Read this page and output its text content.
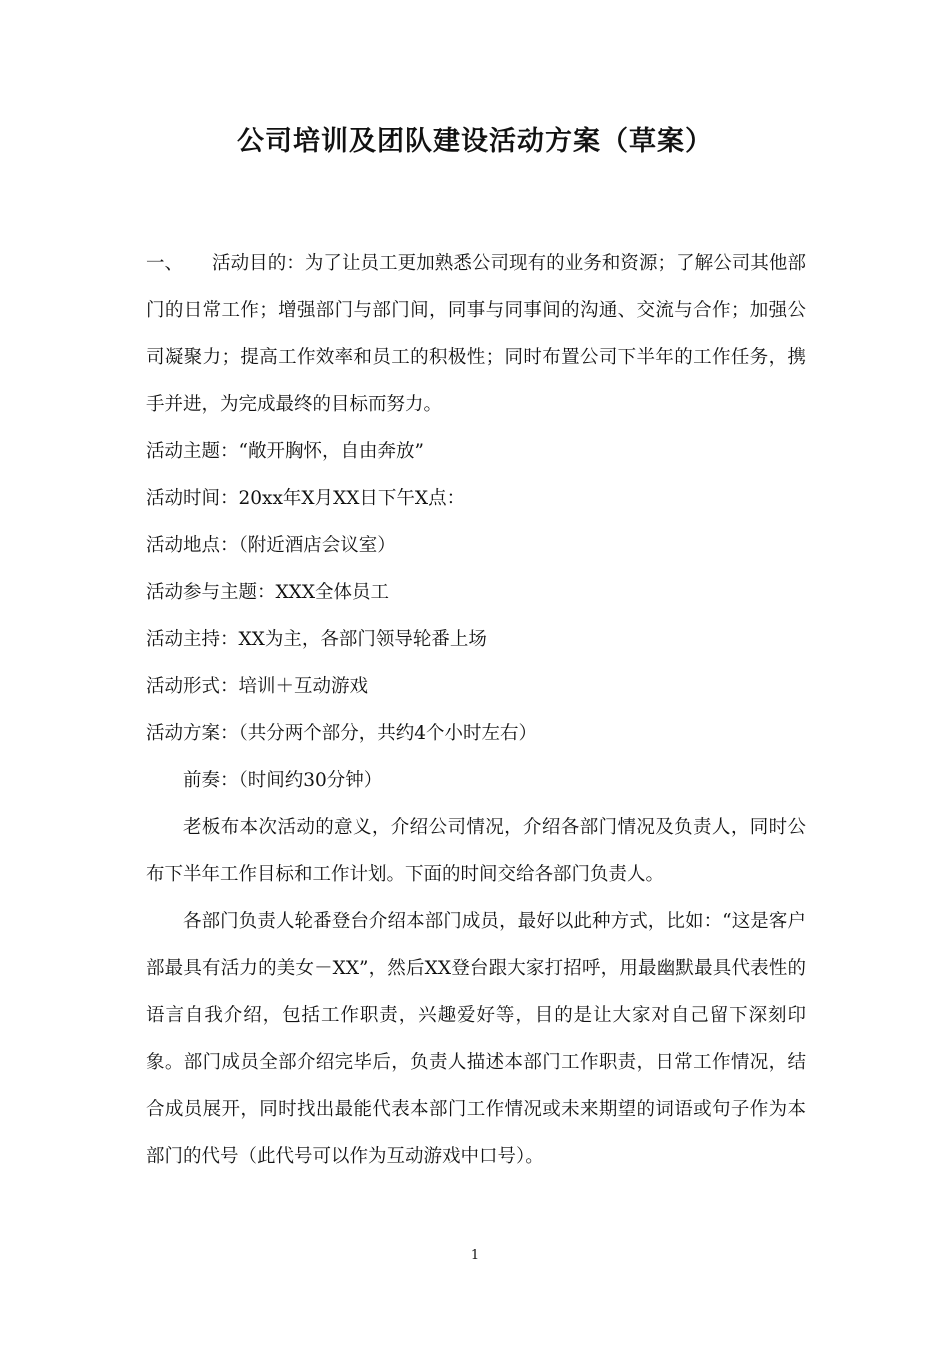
公司培训及团队建设活动方案（草案）

一、 活动目的：为了让员工更加熟悉公司现有的业务和资源；了解公司其他部门的日常工作；增强部门与部门间，同事与同事间的沟通、交流与合作；加强公司凝聚力；提高工作效率和员工的积极性；同时布置公司下半年的工作任务，携手并进，为完成最终的目标而努力。

活动主题：“敞开胸怀，自由奔放”

活动时间：20xx年X月XX日下午X点：

活动地点：（附近酒店会议室）

活动参与主题：XXX全体员工

活动主持：XX为主，各部门领导轮番上场

活动形式：培训＋互动游戏

活动方案：（共分两个部分，共约4个小时左右）

前奏：（时间约30分钟）

老板布本次活动的意义，介绍公司情况，介绍各部门情况及负责人，同时公布下半年工作目标和工作计划。下面的时间交给各部门负责人。

各部门负责人轮番登台介绍本部门成员，最好以此种方式，比如：“这是客户部最具有活力的美女－XX”，然后XX登台跟大家打招呼，用最幽默最具代表性的语言自我介绍，包括工作职责，兴趣爱好等，目的是让大家对自己留下深刻印象。部门成员全部介绍完毕后，负责人描述本部门工作职责，日常工作情况，结合成员展开，同时找出最能代表本部门工作情况或未来期望的词语或句子作为本部门的代号（此代号可以作为互动游戏中口号）。

1
